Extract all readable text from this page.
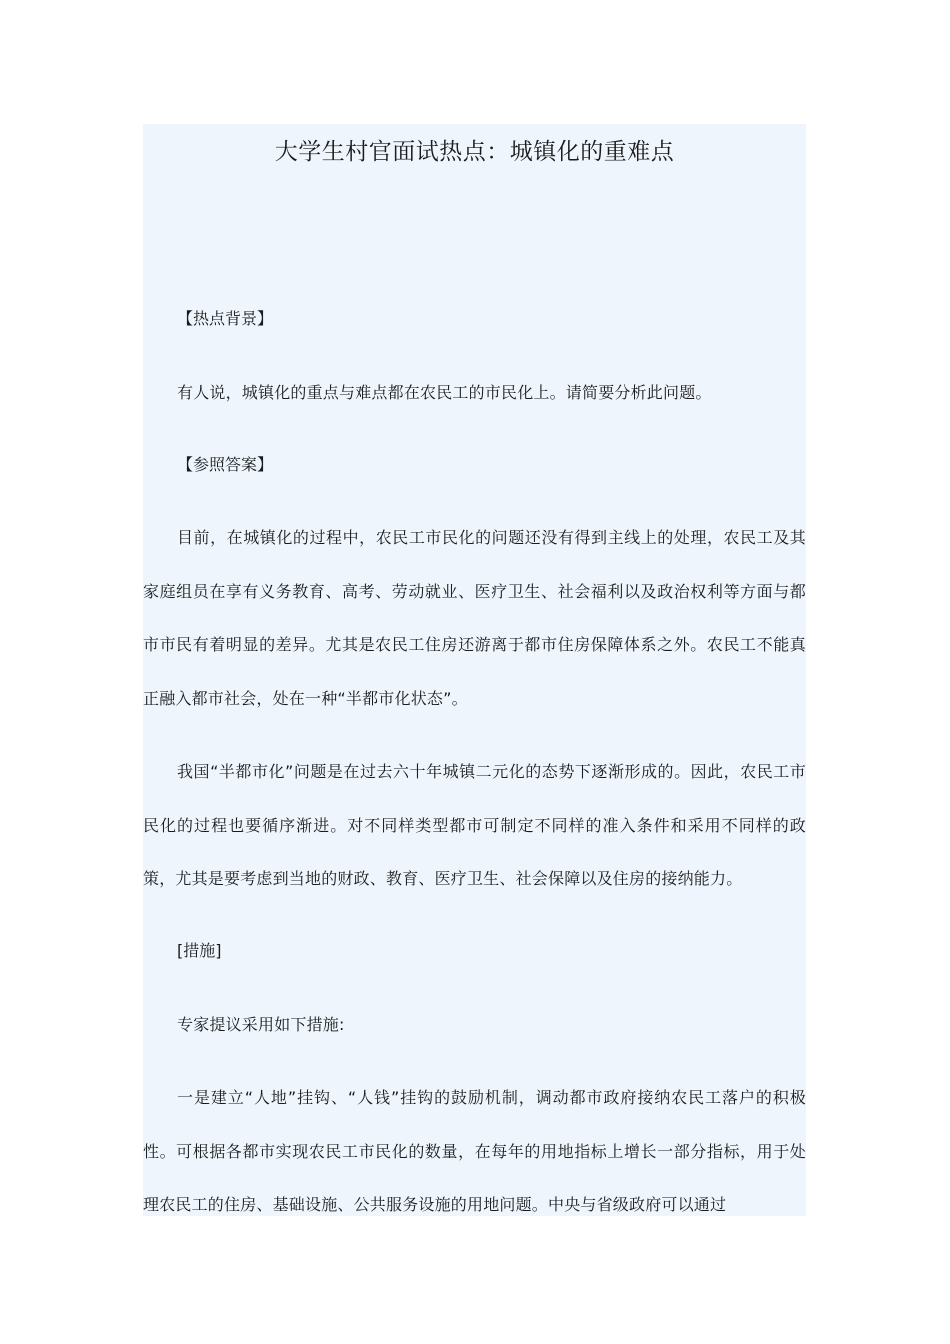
大学生村官面试热点：城镇化的重难点
【热点背景】

有人说，城镇化的重点与难点都在农民工的市民化上。请简要分析此问题。

【参照答案】

目前，在城镇化的过程中，农民工市民化的问题还没有得到主线上的处理，农民工及其家庭组员在享有义务教育、高考、劳动就业、医疗卫生、社会福利以及政治权利等方面与都市市民有着明显的差异。尤其是农民工住房还游离于都市住房保障体系之外。农民工不能真正融入都市社会，处在一种“半都市化状态”。

我国“半都市化”问题是在过去六十年城镇二元化的态势下逐渐形成的。因此，农民工市民化的过程也要循序渐进。对不同样类型都市可制定不同样的准入条件和采用不同样的政策，尤其是要考虑到当地的财政、教育、医疗卫生、社会保障以及住房的接纳能力。

[措施]

专家提议采用如下措施:

一是建立“人地”挂钩、“人钱”挂钩的鼓励机制，调动都市政府接纳农民工落户的积极性。可根据各都市实现农民工市民化的数量，在每年的用地指标上增长一部分指标，用于处理农民工的住房、基础设施、公共服务设施的用地问题。中央与省级政府可以通过
